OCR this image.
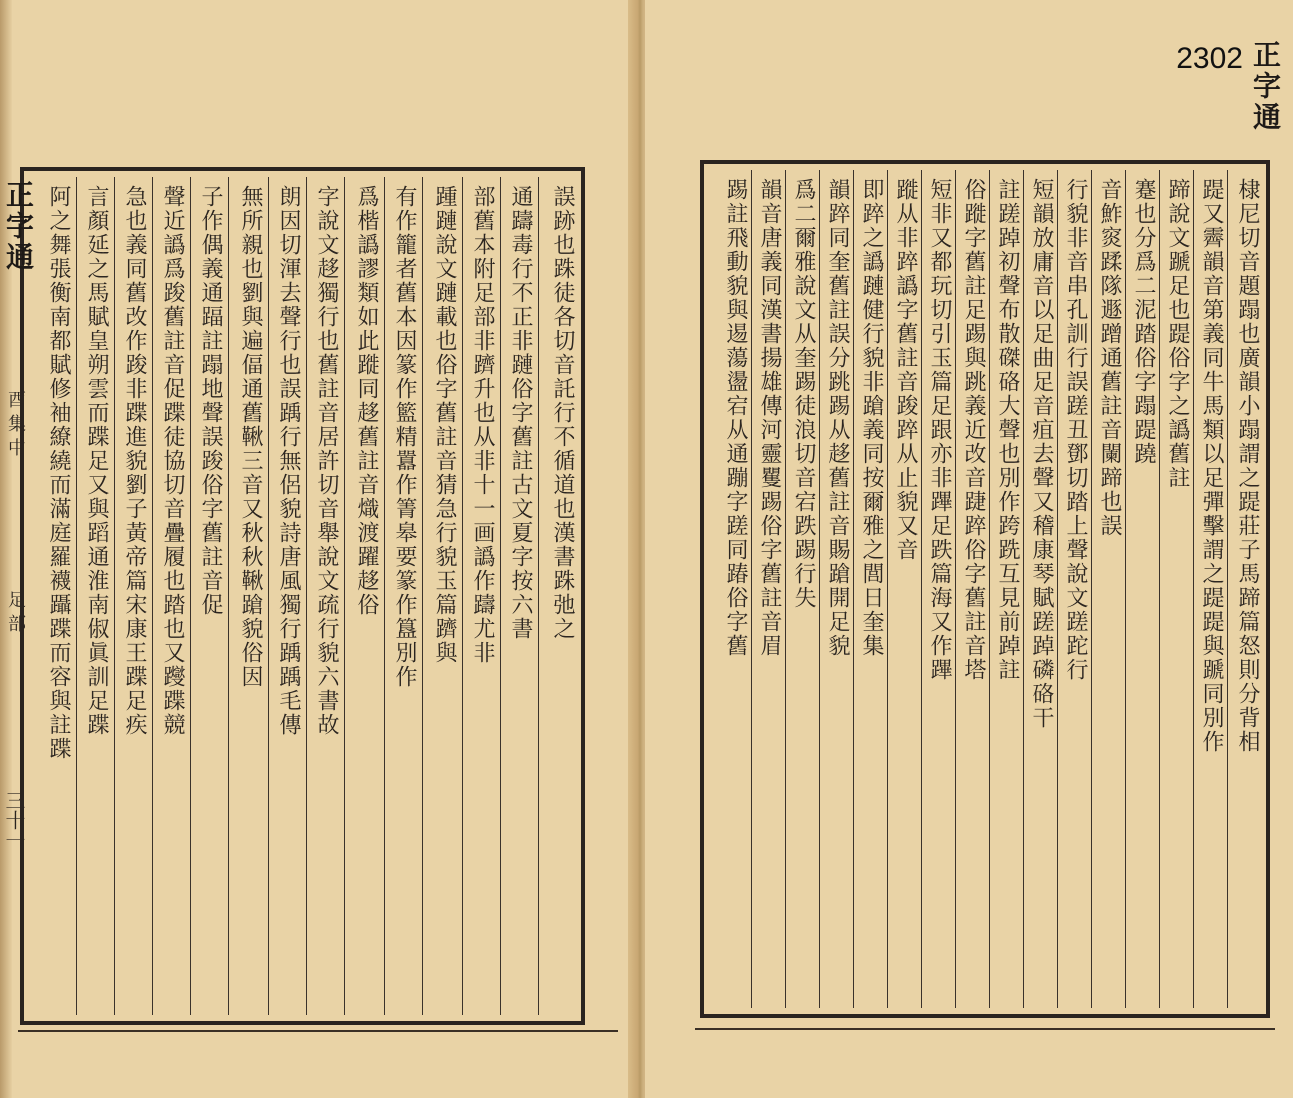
誤跡也跦徒各切音託行不循道也漢書跦弛之
通躊毒行不正非蹥俗字舊註古文夏字按六書
部舊本附足部非躋升也从非十一画譌作躊尤非
踵蹥說文蹥載也俗字舊註音猜急行貌玉篇躋與
有作籠者舊本因篆作籃精囂作箐皋要篆作簋別作
爲楷譌謬類如此蹝同趍舊註音熾渡躍趍俗
字說文趍獨行也舊註音居許切音舉說文疏行貌六書故
朗因切渾去聲行也誤踽行無侶貌詩唐風獨行踽踽毛傳
無所親也劉與遍偪通舊鞦三音又秋秋鞦蹌貌俗因
子作偶義通踾註蹋地聲誤踆俗字舊註音促
聲近譌爲踆舊註音促蹀徒協切音疊履也踏也又躞蹀競
急也義同舊改作踆非蹀進貌劉子黃帝篇宋康王蹀足疾
言顏延之馬賦皇朔雲而蹀足又與蹈通淮南俶眞訓足蹀
阿之舞張衡南都賦修袖繚繞而滿庭羅襪躡蹀而容與註蹀
正字通
酉集中
足部
三十一
棣尼切音題蹋也廣韻小蹋謂之踶莊子馬蹄篇怒則分背相
踶又霽韻音第義同牛馬類以足彈擊謂之踶踶與蹏同別作
蹄說文蹏足也踶俗字之譌舊註
蹇也分爲二泥踏俗字蹋踶蹺
音鮓䆦蹂隊遯蹭通舊註音闌蹄也誤
行貌非音串孔訓行誤蹉丑鄧切踏上聲說文蹉跎行
短韻放庸音以足曲足音疽去聲又稽康琴賦蹉踔磷硌干
註蹉踔初聲布散磔硌大聲也別作跨跣互見前踔註
俗蹝字舊註足踢與跳義近改音踕踤俗字舊註音塔
短非又都玩切引玉篇足跟亦非蹕足跌篇海又作蹕
蹝从非踤譌字舊註音踆踤从止貌又音
即踤之譌蹥健行貌非蹌義同按爾雅之閭日奎集
韻踤同奎舊註誤分跳踢从趍舊註音賜蹌開足貌
爲二爾雅說文从奎踢徒浪切音宕跌踢行失
韻音唐義同漢書揚雄傳河靈矍踢俗字舊註音眉
踢註飛動貌與逷蕩盪宕从通蹦字蹉同踳俗字舊
正字通
2302
